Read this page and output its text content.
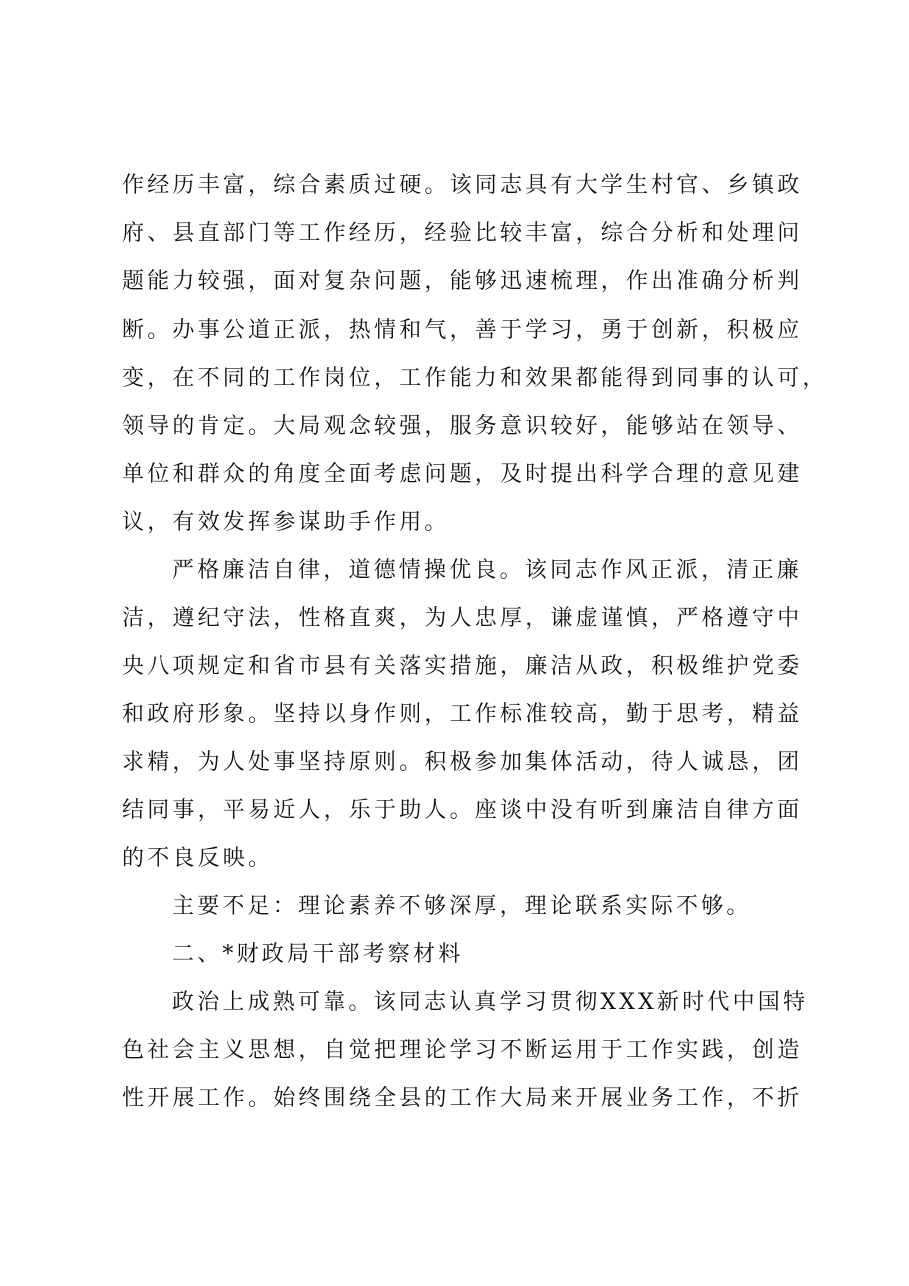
作经历丰富，综合素质过硬。该同志具有大学生村官、乡镇政
府、县直部门等工作经历，经验比较丰富，综合分析和处理问
题能力较强，面对复杂问题，能够迅速梳理，作出准确分析判
断。办事公道正派，热情和气，善于学习，勇于创新，积极应
变，在不同的工作岗位，工作能力和效果都能得到同事的认可，
领导的肯定。大局观念较强，服务意识较好，能够站在领导、
单位和群众的角度全面考虑问题，及时提出科学合理的意见建
议，有效发挥参谋助手作用。
严格廉洁自律，道德情操优良。该同志作风正派，清正廉
洁，遵纪守法，性格直爽，为人忠厚，谦虚谨慎，严格遵守中
央八项规定和省市县有关落实措施，廉洁从政，积极维护党委
和政府形象。坚持以身作则，工作标准较高，勤于思考，精益
求精，为人处事坚持原则。积极参加集体活动，待人诚恳，团
结同事，平易近人，乐于助人。座谈中没有听到廉洁自律方面
的不良反映。
主要不足：理论素养不够深厚，理论联系实际不够。
二、*财政局干部考察材料
政治上成熟可靠。该同志认真学习贯彻XXX新时代中国特
色社会主义思想，自觉把理论学习不断运用于工作实践，创造
性开展工作。始终围绕全县的工作大局来开展业务工作，不折
